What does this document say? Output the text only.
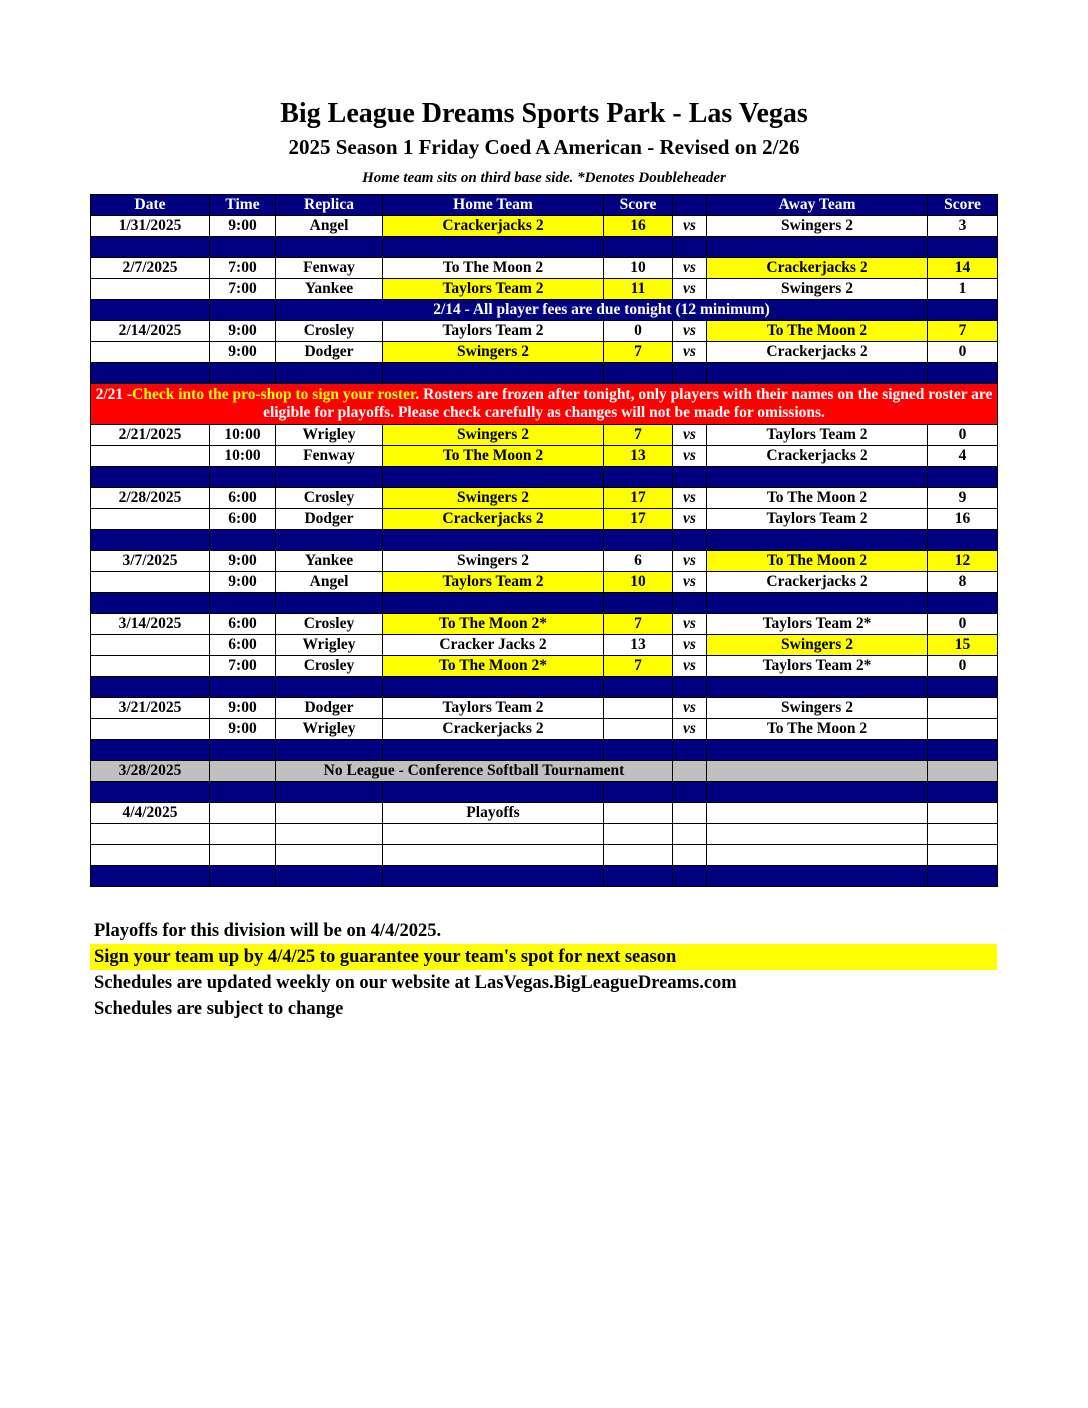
Big League Dreams Sports Park - Las Vegas
2025 Season 1 Friday Coed A American - Revised on 2/26
Home team sits on third base side. *Denotes Doubleheader
Date	Time	Replica	Home Team	Score		Away Team	Score
1/31/2025	9:00	Angel	Crackerjacks 2	16	vs	Swingers 2	3

2/7/2025	7:00	Fenway	To The Moon 2	10	vs	Crackerjacks 2	14
	7:00	Yankee	Taylors Team 2	11	vs	Swingers 2	1
		2/14 - All player fees are due tonight (12 minimum)					
2/14/2025	9:00	Crosley	Taylors Team 2	0	vs	To The Moon 2	7
	9:00	Dodger	Swingers 2	7	vs	Crackerjacks 2	0

2/21 -Check into the pro-shop to sign your roster. Rosters are frozen after tonight, only players with their names on the signed roster are eligible for playoffs. Please check carefully as changes will not be made for omissions.							
2/21/2025	10:00	Wrigley	Swingers 2	7	vs	Taylors Team 2	0
	10:00	Fenway	To The Moon 2	13	vs	Crackerjacks 2	4

2/28/2025	6:00	Crosley	Swingers 2	17	vs	To The Moon 2	9
	6:00	Dodger	Crackerjacks 2	17	vs	Taylors Team 2	16

3/7/2025	9:00	Yankee	Swingers 2	6	vs	To The Moon 2	12
	9:00	Angel	Taylors Team 2	10	vs	Crackerjacks 2	8

3/14/2025	6:00	Crosley	To The Moon 2*	7	vs	Taylors Team 2*	0
	6:00	Wrigley	Cracker Jacks 2	13	vs	Swingers 2	15
	7:00	Crosley	To The Moon 2*	7	vs	Taylors Team 2*	0

3/21/2025	9:00	Dodger	Taylors Team 2		vs	Swingers 2	
	9:00	Wrigley	Crackerjacks 2		vs	To The Moon 2	

3/28/2025		No League - Conference Softball Tournament					

4/4/2025			Playoffs				

Playoffs for this division will be on 4/4/2025.
Sign your team up by 4/4/25 to guarantee your team's spot for next season
Schedules are updated weekly on our website at LasVegas.BigLeagueDreams.com
Schedules are subject to change
